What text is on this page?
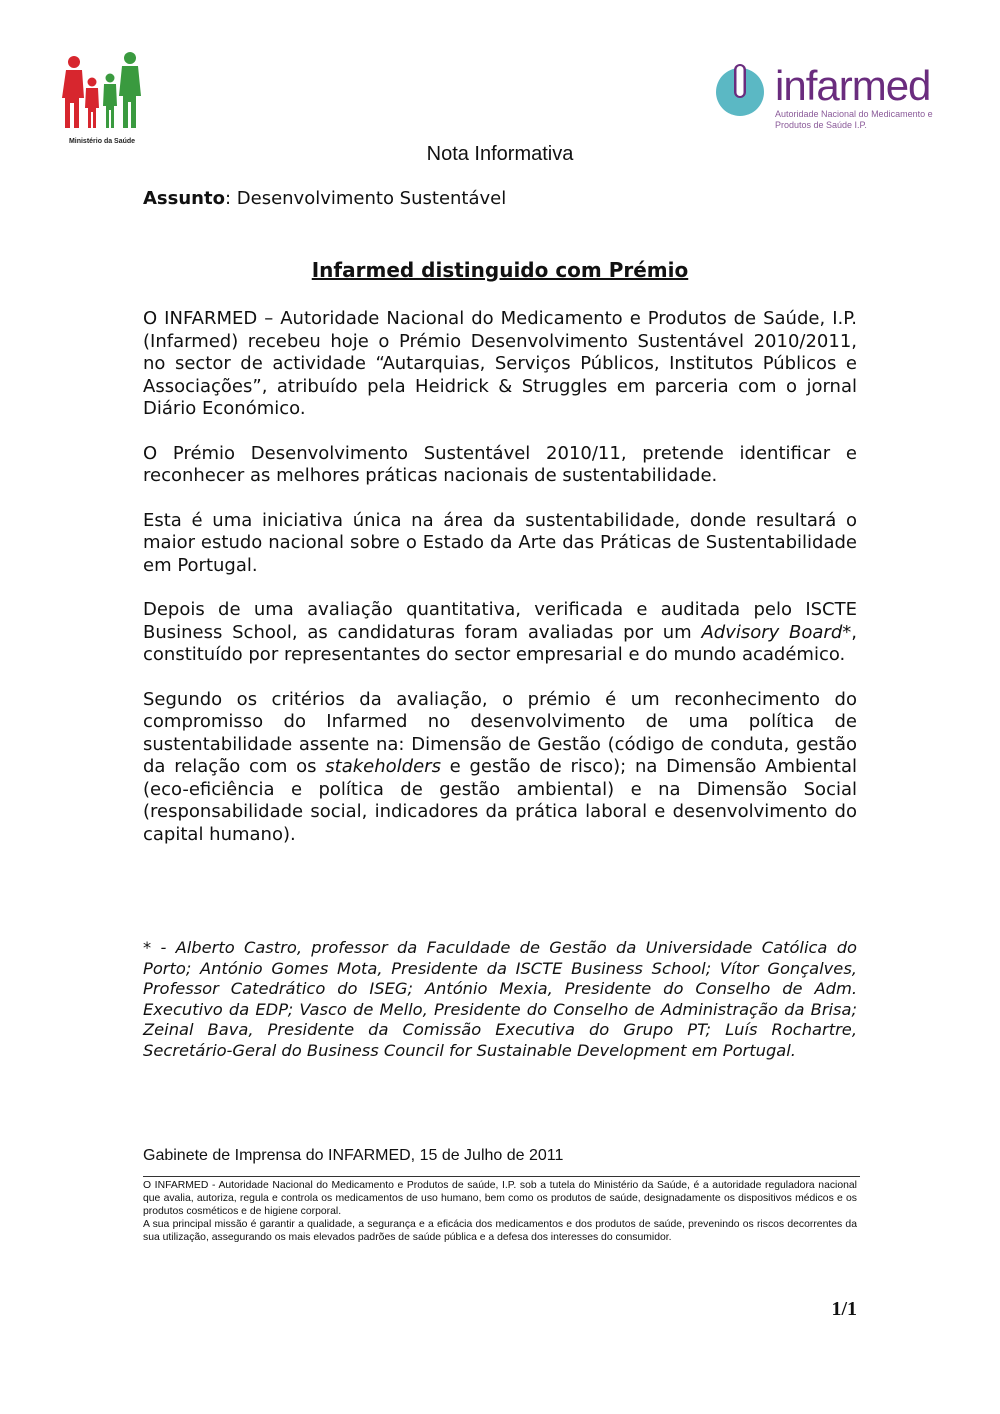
Ministério da Saúde
infarmed
Autoridade Nacional do Medicamento e Produtos de Saúde I.P.
Nota Informativa
Assunto: Desenvolvimento Sustentável
Infarmed distinguido com Prémio

O INFARMED – Autoridade Nacional do Medicamento e Produtos de Saúde, I.P. (Infarmed) recebeu hoje o Prémio Desenvolvimento Sustentável 2010/2011, no sector de actividade “Autarquias, Serviços Públicos, Institutos Públicos e Associações”, atribuído pela Heidrick & Struggles em parceria com o jornal Diário Económico.

O Prémio Desenvolvimento Sustentável 2010/11, pretende identificar e reconhecer as melhores práticas nacionais de sustentabilidade.

Esta é uma iniciativa única na área da sustentabilidade, donde resultará o maior estudo nacional sobre o Estado da Arte das Práticas de Sustentabilidade em Portugal.

Depois de uma avaliação quantitativa, verificada e auditada pelo ISCTE Business School, as candidaturas foram avaliadas por um Advisory Board*, constituído por representantes do sector empresarial e do mundo académico.

Segundo os critérios da avaliação, o prémio é um reconhecimento do compromisso do Infarmed no desenvolvimento de uma política de sustentabilidade assente na: Dimensão de Gestão (código de conduta, gestão da relação com os stakeholders e gestão de risco); na Dimensão Ambiental (eco-eficiência e política de gestão ambiental) e na Dimensão Social (responsabilidade social, indicadores da prática laboral e desenvolvimento do capital humano).

* - Alberto Castro, professor da Faculdade de Gestão da Universidade Católica do Porto; António Gomes Mota, Presidente da ISCTE Business School; Vítor Gonçalves, Professor Catedrático do ISEG; António Mexia, Presidente do Conselho de Adm. Executivo da EDP; Vasco de Mello, Presidente do Conselho de Administração da Brisa; Zeinal Bava, Presidente da Comissão Executiva do Grupo PT; Luís Rochartre, Secretário-Geral do Business Council for Sustainable Development em Portugal.
Gabinete de Imprensa do INFARMED, 15 de Julho de 2011

O INFARMED - Autoridade Nacional do Medicamento e Produtos de saúde, I.P. sob a tutela do Ministério da Saúde, é a autoridade reguladora nacional que avalia, autoriza, regula e controla os medicamentos de uso humano, bem como os produtos de saúde, designadamente os dispositivos médicos e os produtos cosméticos e de higiene corporal.

A sua principal missão é garantir a qualidade, a segurança e a eficácia dos medicamentos e dos produtos de saúde, prevenindo os riscos decorrentes da sua utilização, assegurando os mais elevados padrões de saúde pública e a defesa dos interesses do consumidor.

1/1
